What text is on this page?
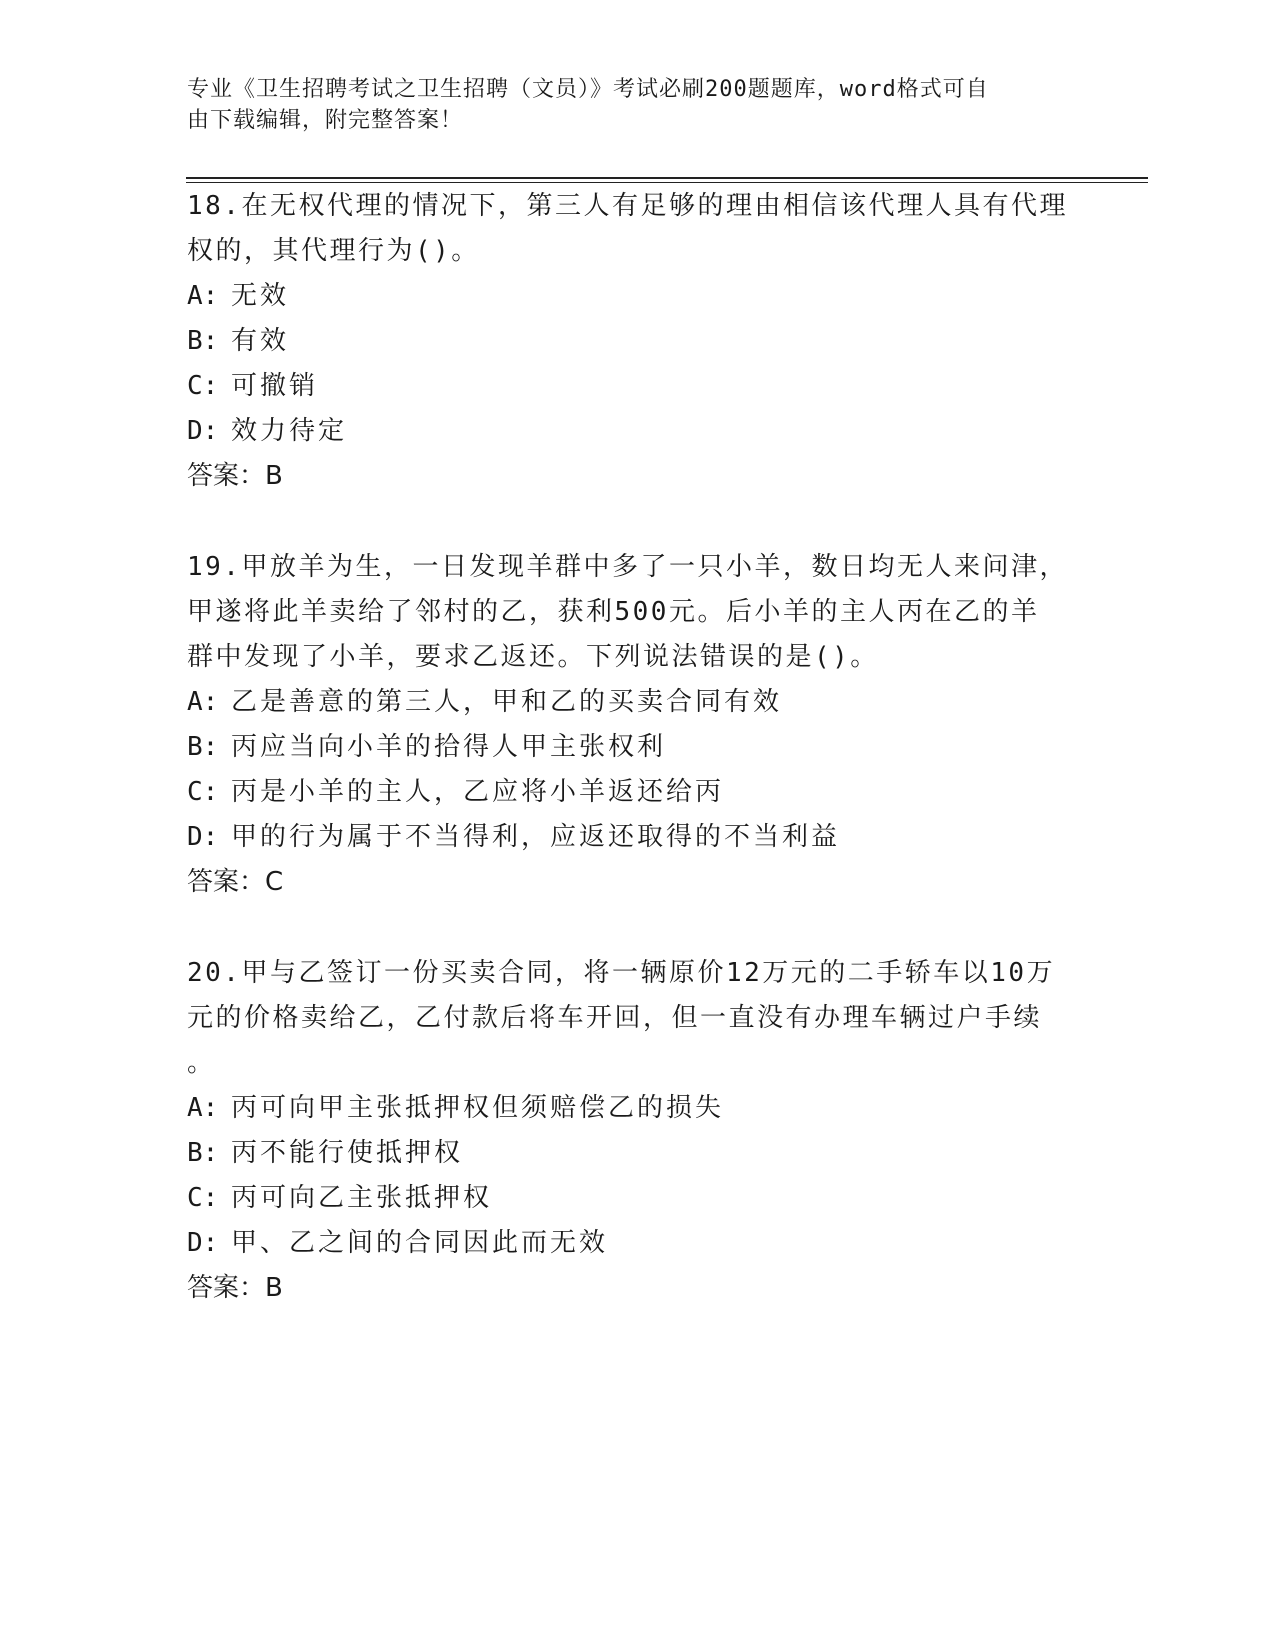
专业《卫生招聘考试之卫生招聘（文员）》考试必刷200题题库，word格式可自
由下载编辑，附完整答案！

18.在无权代理的情况下，第三人有足够的理由相信该代理人具有代理

权的，其代理行为()。

A: 无效

B: 有效

C: 可撤销

D: 效力待定

答案：B

19.甲放羊为生，一日发现羊群中多了一只小羊，数日均无人来问津，

甲遂将此羊卖给了邻村的乙，获利500元。后小羊的主人丙在乙的羊

群中发现了小羊，要求乙返还。下列说法错误的是()。

A: 乙是善意的第三人，甲和乙的买卖合同有效

B: 丙应当向小羊的拾得人甲主张权利

C: 丙是小羊的主人，乙应将小羊返还给丙

D: 甲的行为属于不当得利，应返还取得的不当利益

答案：C

20.甲与乙签订一份买卖合同，将一辆原价12万元的二手轿车以10万

元的价格卖给乙，乙付款后将车开回，但一直没有办理车辆过户手续

。

A: 丙可向甲主张抵押权但须赔偿乙的损失

B: 丙不能行使抵押权

C: 丙可向乙主张抵押权

D: 甲、乙之间的合同因此而无效

答案：B
